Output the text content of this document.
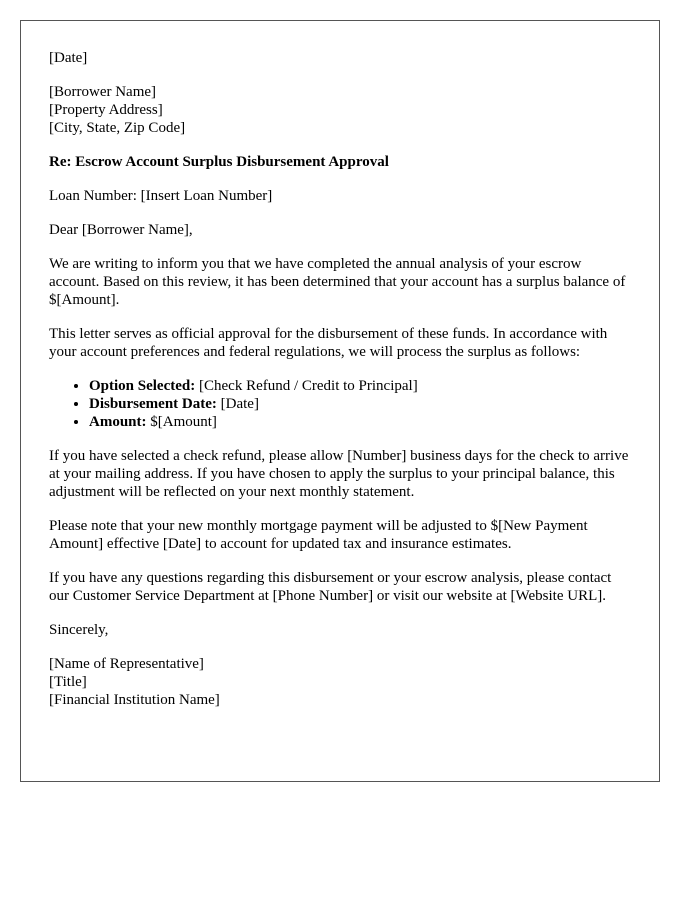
[Date]

[Borrower Name]
[Property Address]
[City, State, Zip Code]

Re: Escrow Account Surplus Disbursement Approval

Loan Number: [Insert Loan Number]

Dear [Borrower Name],

We are writing to inform you that we have completed the annual analysis of your escrow account. Based on this review, it has been determined that your account has a surplus balance of $[Amount].

This letter serves as official approval for the disbursement of these funds. In accordance with your account preferences and federal regulations, we will process the surplus as follows:

• Option Selected: [Check Refund / Credit to Principal]
• Disbursement Date: [Date]
• Amount: $[Amount]

If you have selected a check refund, please allow [Number] business days for the check to arrive at your mailing address. If you have chosen to apply the surplus to your principal balance, this adjustment will be reflected on your next monthly statement.

Please note that your new monthly mortgage payment will be adjusted to $[New Payment Amount] effective [Date] to account for updated tax and insurance estimates.

If you have any questions regarding this disbursement or your escrow analysis, please contact our Customer Service Department at [Phone Number] or visit our website at [Website URL].

Sincerely,

[Name of Representative]
[Title]
[Financial Institution Name]
